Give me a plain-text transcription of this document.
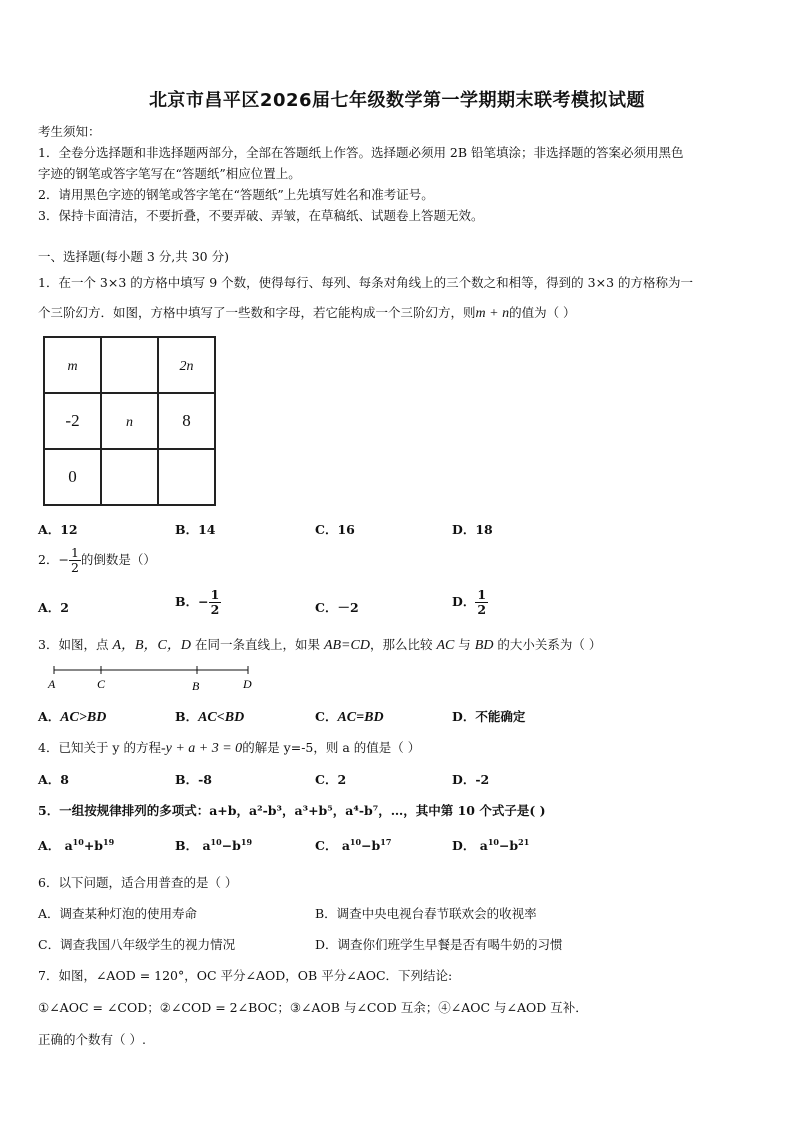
北京市昌平区2026届七年级数学第一学期期末联考模拟试题
考生须知：
1．全卷分选择题和非选择题两部分，全部在答题纸上作答。选择题必须用 2B 铅笔填涂；非选择题的答案必须用黑色
字迹的钢笔或答字笔写在“答题纸”相应位置上。
2．请用黑色字迹的钢笔或答字笔在“答题纸”上先填写姓名和准考证号。
3．保持卡面清洁，不要折叠，不要弄破、弄皱，在草稿纸、试题卷上答题无效。
一、选择题(每小题 3 分,共 30 分)
1．在一个 3×3 的方格中填写 9 个数，使得每行、每列、每条对角线上的三个数之和相等，得到的 3×3 的方格称为一
个三阶幻方．如图，方格中填写了一些数和字母，若它能构成一个三阶幻方，则m + n的值为（ ）
m		2n
-2	n	8
0		
A．12	B．14	C．16	D．18
2．− $\frac{1}{2}$ 的倒数是（）
A．2	B．− $\frac{1}{2}$	C．－2	D． $\frac{1}{2}$
3．如图，点 A，B，C，D 在同一条直线上，如果 AB=CD，那么比较 AC 与 BD 的大小关系为（ ）
A	C	B	D
A．AC>BD	B．AC<BD	C．AC=BD	D．不能确定
4．已知关于 y 的方程-y + a + 3 = 0的解是 y=-5，则 a 的值是（ ）
A．8	B．-8	C．2	D．-2
5．一组按规律排列的多项式：a+b，a²-b³，a³+b⁵，a⁴-b⁷，…，其中第 10 个式子是( )
A． $a^{10}+b^{19}$	B． $a^{10}-b^{19}$	C． $a^{10}-b^{17}$	D． $a^{10}-b^{21}$
6．以下问题，适合用普查的是（ ）
A．调查某种灯泡的使用寿命	B．调查中央电视台春节联欢会的收视率
C．调查我国八年级学生的视力情况	D．调查你们班学生早餐是否有喝牛奶的习惯
7．如图，∠AOD = 120°，OC 平分∠AOD，OB 平分∠AOC．下列结论:
①∠AOC = ∠COD；②∠COD = 2∠BOC；③∠AOB 与∠COD 互余；④∠AOC 与∠AOD 互补．
正确的个数有（ ）.
